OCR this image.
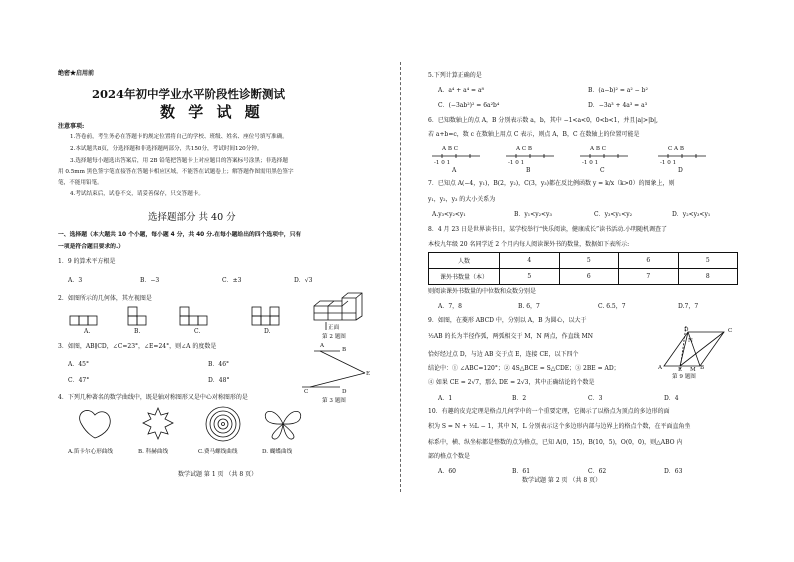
绝密★启用前
2024年初中学业水平阶段性诊断测试
数 学 试 题
注意事项:
1.答卷前，考生务必在答题卡的规定位置将自己的学校、班级、姓名、座位号填写准确。
2.本试题共8页，分选择题和非选择题两部分，共150分，考试时间120分钟。
3.选择题每小题选出答案后，用 2B 铅笔把答题卡上对应题目的答案标号涂黑；非选择题
用 0.5mm 黑色签字笔直接答在答题卡相应区域，不能答在试题卷上；解答题作图需用黑色签字
笔，不能用铅笔。
4.考试结束后，试卷不交，请妥善保存，只交答题卡。
选择题部分 共 40 分
一、选择题（本大题共 10 个小题，每小题 4 分，共 40 分.在每小题给出的四个选项中，只有
一项是符合题目要求的.）
1．9 的算术平方根是
A．3	B．−3	C．±3	D．√3
2．如图所示的几何体，其左视图是
A.	B.	C.	D.	正面
第 2 题图
3．如图，AB∥CD，∠C=23°，∠E=24°，则∠A 的度数是
A．45°	B．46°
C．47°	D．48°
A
B
C	D
E
第 3 题图
4．下列几种著名的数学曲线中，既是轴对称图形又是中心对称图形的是
A.笛卡尔心形曲线	B. 科赫曲线	C.费马螺线曲线	D. 蝴蝶曲线
数学试题 第 1 页 （共 8 页）
5.下列计算正确的是
A．a⁴ + a⁴ = a⁸	B．(a−b)² = a² − b²
C．(−3ab²)² = 6a²b⁴	D．−3a³ + 4a³ = a³
6．已知数轴上的点 A，B 分别表示数 a，b，其中 −1<a<0，0<b<1，并且|a|>|b|,
若 a+b=c，数 c 在数轴上用点 C 表示，则点 A，B，C 在数轴上的位置可能是
A B C
-1 0 1
A
A C B
-1 0 1
B
A B C
-1 0 1
C
C A B
-1 0 1
D
7．已知点 A(−4，y₁)，B(2，y₂)，C(3，y₃)都在反比例函数 y = k/x（k>0）的图象上，则
y₁，y₂，y₃ 的大小关系为
A.y₃<y₂<y₁	B．y₁<y₂<y₃	C．y₃<y₁<y₂	D．y₂<y₃<y₁
8．4 月 23 日是世界读书日，某学校举行“快乐阅读，健康成长”读书活动.小明随机调查了
本校九年级 20 名同学近 2 个月内每人阅读课外书的数量，数据如下表所示:
人数	4	5	6	5
课外书数量（本）	5	6	7	8
则阅读课外书数量的中位数和众数分别是
A．7，8	B. 6，7	C. 6.5，7	D.7，7
9．如图，在菱形 ABCD 中，分别以 A，B 为圆心，以大于
½AB 的长为半径作弧，两弧相交于 M，N 两点，作直线 MN
恰好经过点 D，与边 AB 交于点 E，连接 CE，以下四个
结论中：① ∠ABC=120°；② 4S△BCE = S△CDE；③ 2BE = AD；
④ 如果 CE = 2√7，那么 DE = 2√3，其中正确结论的个数是
A．1	B．2	C．3	D．4
D	C
N
A	E	B
M
第 9 题图
10．有趣的皮克定理是格点几何学中的一个重要定理，它揭示了以格点为顶点的多边形的面
积为 S = N + ½L − 1，其中 N，L 分别表示这个多边形内部与边界上的格点个数，在平面直角坐
标系中，横、纵坐标都是整数的点为格点，已知 A(0，15)，B(10，5)，O(0，0)，则△ABO 内
部的格点个数是
A．60	B．61	C．62	D．63
数学试题 第 2 页 （共 8 页）
